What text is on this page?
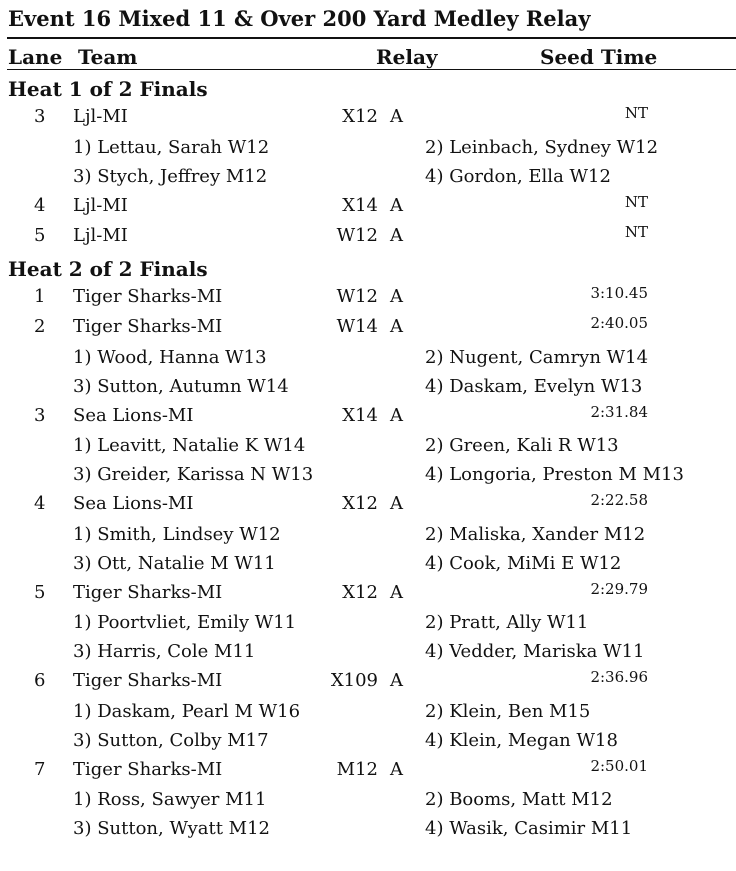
Event 16 Mixed 11 & Over 200 Yard Medley Relay
Lane Team	Relay	Seed Time
Heat 1 of 2 Finals
3 Ljl-MI	X12 A	NT
1) Lettau, Sarah W12	2) Leinbach, Sydney W12
3) Stych, Jeffrey M12	4) Gordon, Ella W12
4 Ljl-MI	X14 A	NT
5 Ljl-MI	W12 A	NT
Heat 2 of 2 Finals
1 Tiger Sharks-MI	W12 A	3:10.45
2 Tiger Sharks-MI	W14 A	2:40.05
1) Wood, Hanna W13	2) Nugent, Camryn W14
3) Sutton, Autumn W14	4) Daskam, Evelyn W13
3 Sea Lions-MI	X14 A	2:31.84
1) Leavitt, Natalie K W14	2) Green, Kali R W13
3) Greider, Karissa N W13	4) Longoria, Preston M M13
4 Sea Lions-MI	X12 A	2:22.58
1) Smith, Lindsey W12	2) Maliska, Xander M12
3) Ott, Natalie M W11	4) Cook, MiMi E W12
5 Tiger Sharks-MI	X12 A	2:29.79
1) Poortvliet, Emily W11	2) Pratt, Ally W11
3) Harris, Cole M11	4) Vedder, Mariska W11
6 Tiger Sharks-MI	X109 A	2:36.96
1) Daskam, Pearl M W16	2) Klein, Ben M15
3) Sutton, Colby M17	4) Klein, Megan W18
7 Tiger Sharks-MI	M12 A	2:50.01
1) Ross, Sawyer M11	2) Booms, Matt M12
3) Sutton, Wyatt M12	4) Wasik, Casimir M11
